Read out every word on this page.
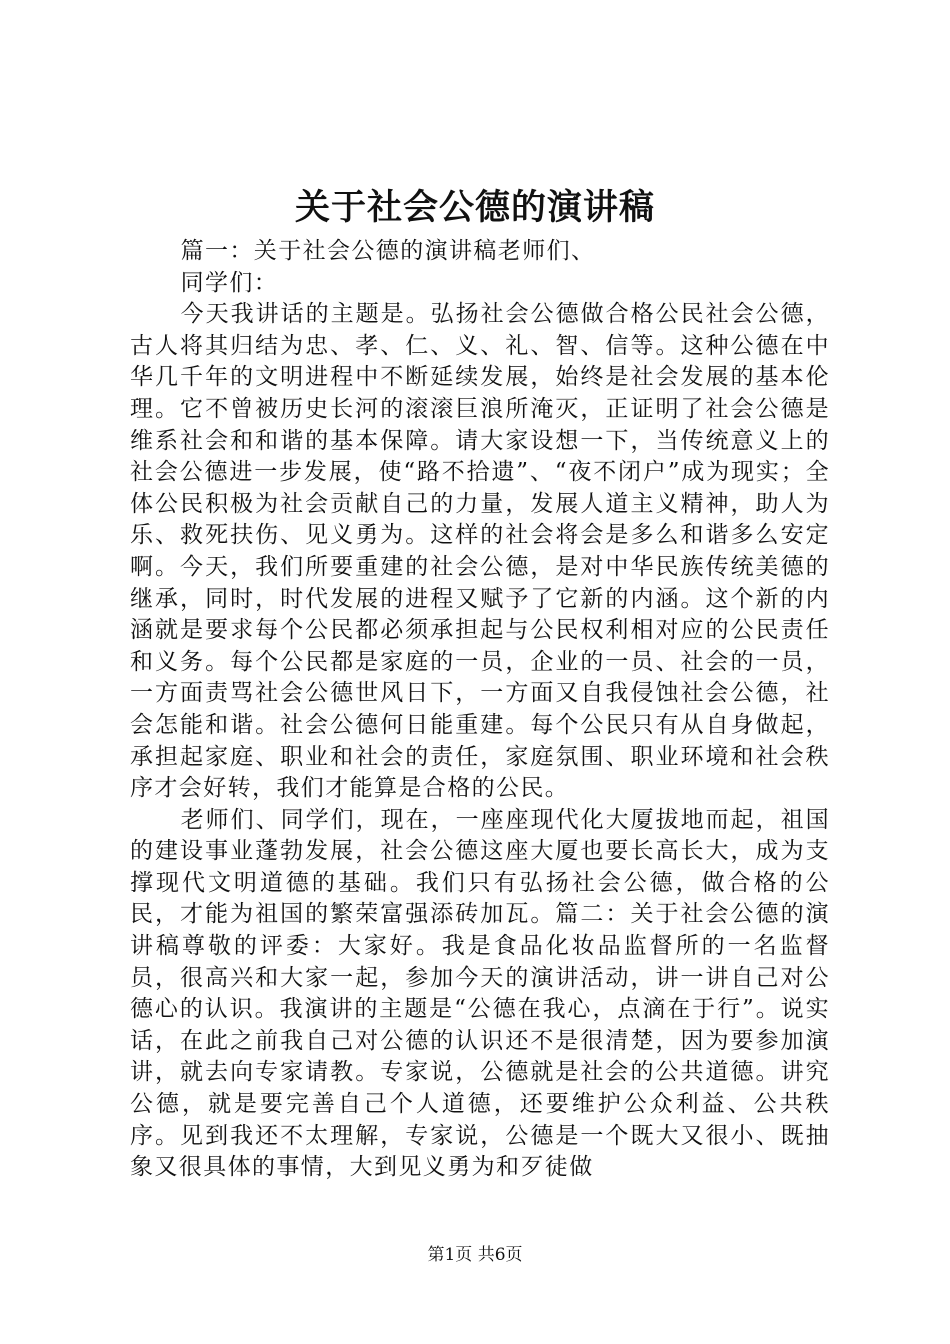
关于社会公德的演讲稿

篇一：关于社会公德的演讲稿老师们、

同学们：

今天我讲话的主题是。弘扬社会公德做合格公民社会公德，古人将其归结为忠、孝、仁、义、礼、智、信等。这种公德在中华几千年的文明进程中不断延续发展，始终是社会发展的基本伦理。它不曾被历史长河的滚滚巨浪所淹灭，正证明了社会公德是维系社会和和谐的基本保障。请大家设想一下，当传统意义上的社会公德进一步发展，使“路不拾遗”、“夜不闭户”成为现实；全体公民积极为社会贡献自己的力量，发展人道主义精神，助人为乐、救死扶伤、见义勇为。这样的社会将会是多么和谐多么安定啊。今天，我们所要重建的社会公德，是对中华民族传统美德的继承，同时，时代发展的进程又赋予了它新的内涵。这个新的内涵就是要求每个公民都必须承担起与公民权利相对应的公民责任和义务。每个公民都是家庭的一员，企业的一员、社会的一员，一方面责骂社会公德世风日下，一方面又自我侵蚀社会公德，社会怎能和谐。社会公德何日能重建。每个公民只有从自身做起，承担起家庭、职业和社会的责任，家庭氛围、职业环境和社会秩序才会好转，我们才能算是合格的公民。

老师们、同学们，现在，一座座现代化大厦拔地而起，祖国的建设事业蓬勃发展，社会公德这座大厦也要长高长大，成为支撑现代文明道德的基础。我们只有弘扬社会公德，做合格的公民，才能为祖国的繁荣富强添砖加瓦。篇二：关于社会公德的演讲稿尊敬的评委：大家好。我是食品化妆品监督所的一名监督员，很高兴和大家一起，参加今天的演讲活动，讲一讲自己对公德心的认识。我演讲的主题是“公德在我心，点滴在于行”。说实话，在此之前我自己对公德的认识还不是很清楚，因为要参加演讲，就去向专家请教。专家说，公德就是社会的公共道德。讲究公德，就是要完善自己个人道德，还要维护公众利益、公共秩序。见到我还不太理解，专家说，公德是一个既大又很小、既抽象又很具体的事情，大到见义勇为和歹徒做

第1页 共6页
